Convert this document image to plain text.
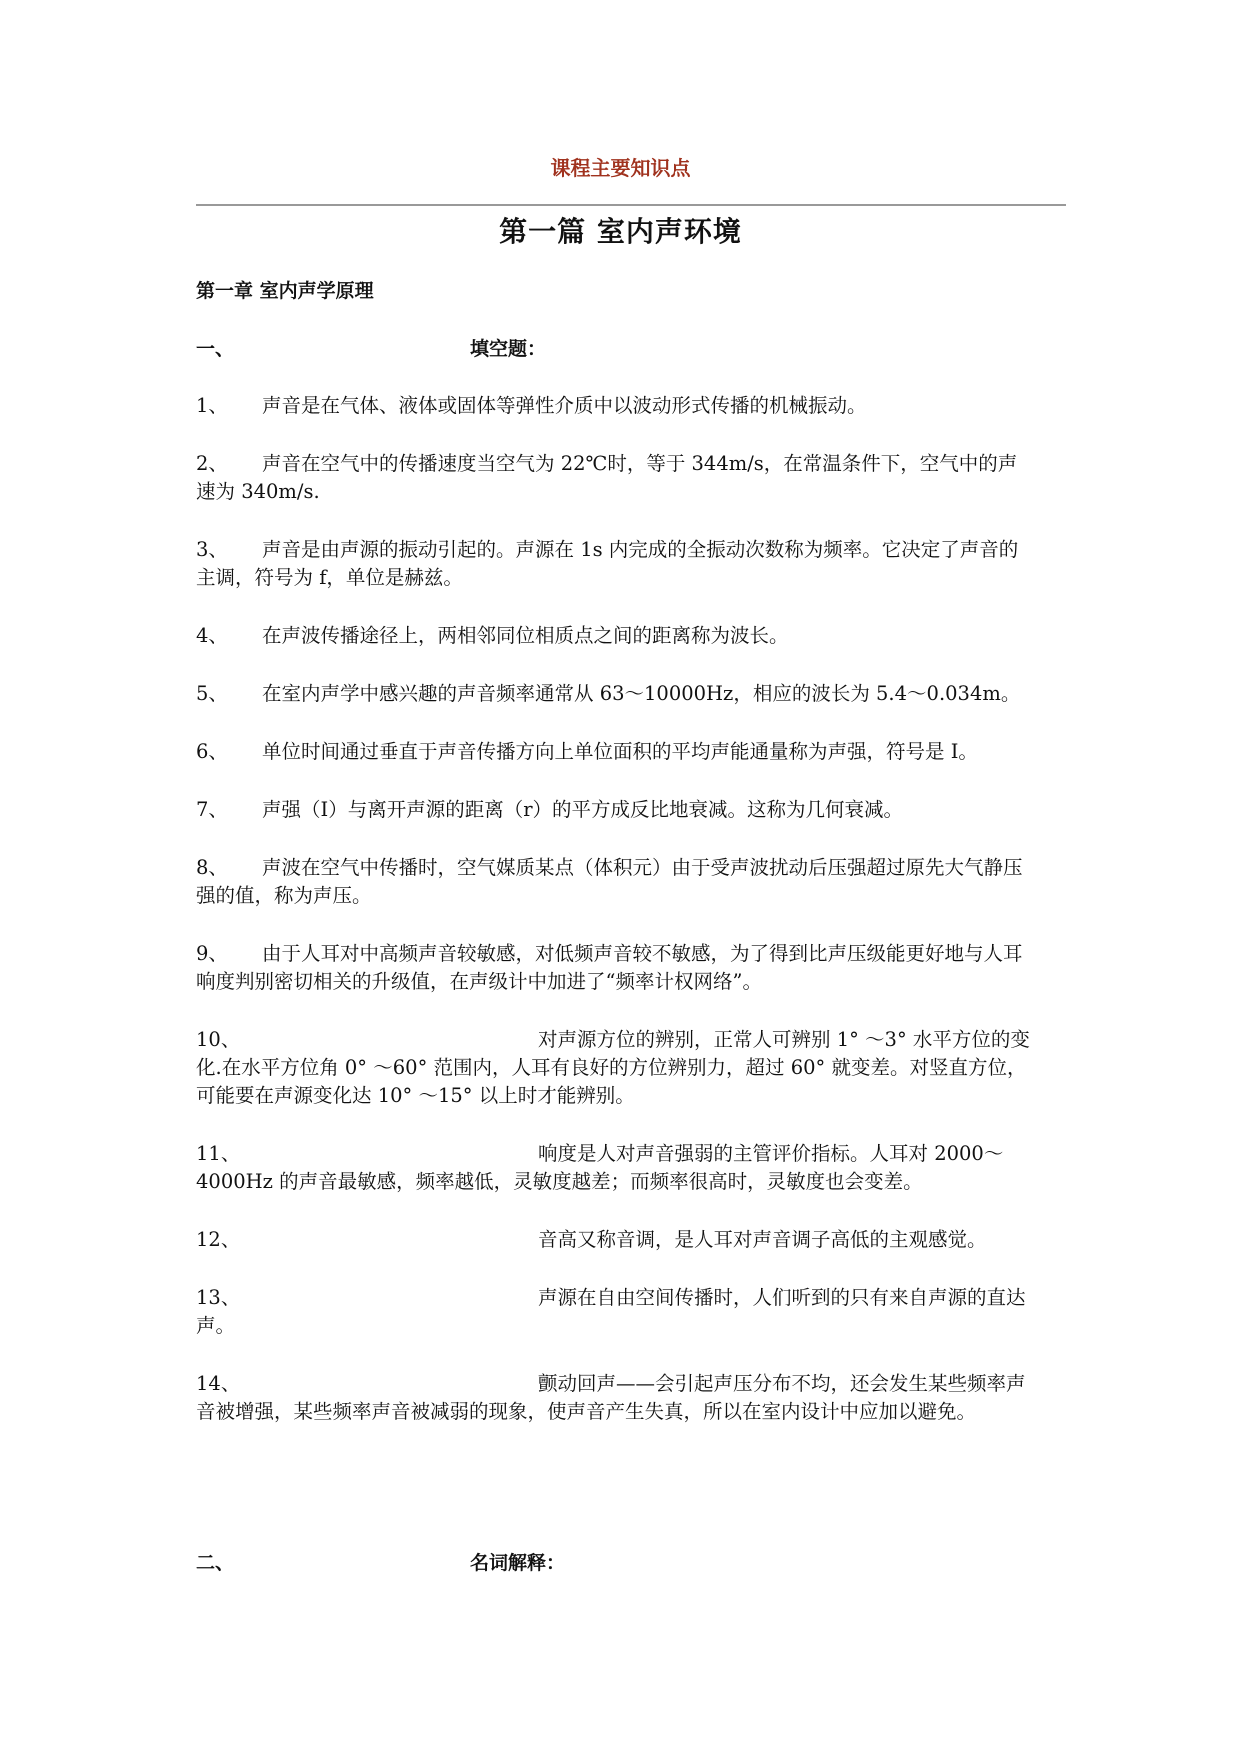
课程主要知识点
第一篇 室内声环境
第一章 室内声学原理
一、	填空题：
1、 声音是在气体、液体或固体等弹性介质中以波动形式传播的机械振动。
2、 声音在空气中的传播速度当空气为 22℃时，等于 344m/s，在常温条件下，空气中的声速为 340m/s.
3、 声音是由声源的振动引起的。声源在 1s 内完成的全振动次数称为频率。它决定了声音的主调，符号为 f，单位是赫兹。
4、 在声波传播途径上，两相邻同位相质点之间的距离称为波长。
5、 在室内声学中感兴趣的声音频率通常从 63～10000Hz，相应的波长为 5.4～0.034m。
6、 单位时间通过垂直于声音传播方向上单位面积的平均声能通量称为声强，符号是 I。
7、 声强（I）与离开声源的距离（r）的平方成反比地衰减。这称为几何衰减。
8、 声波在空气中传播时，空气媒质某点（体积元）由于受声波扰动后压强超过原先大气静压强的值，称为声压。
9、 由于人耳对中高频声音较敏感，对低频声音较不敏感，为了得到比声压级能更好地与人耳响度判别密切相关的升级值，在声级计中加进了“频率计权网络”。
10、	对声源方位的辨别，正常人可辨别 1° ～3° 水平方位的变化.在水平方位角 0° ～60° 范围内，人耳有良好的方位辨别力，超过 60° 就变差。对竖直方位，可能要在声源变化达 10° ～15° 以上时才能辨别。
11、	响度是人对声音强弱的主管评价指标。人耳对 2000～4000Hz 的声音最敏感，频率越低，灵敏度越差；而频率很高时，灵敏度也会变差。
12、	音高又称音调，是人耳对声音调子高低的主观感觉。
13、	声源在自由空间传播时，人们听到的只有来自声源的直达声。
14、	颤动回声——会引起声压分布不均，还会发生某些频率声音被增强，某些频率声音被减弱的现象，使声音产生失真，所以在室内设计中应加以避免。
二、	名词解释：
